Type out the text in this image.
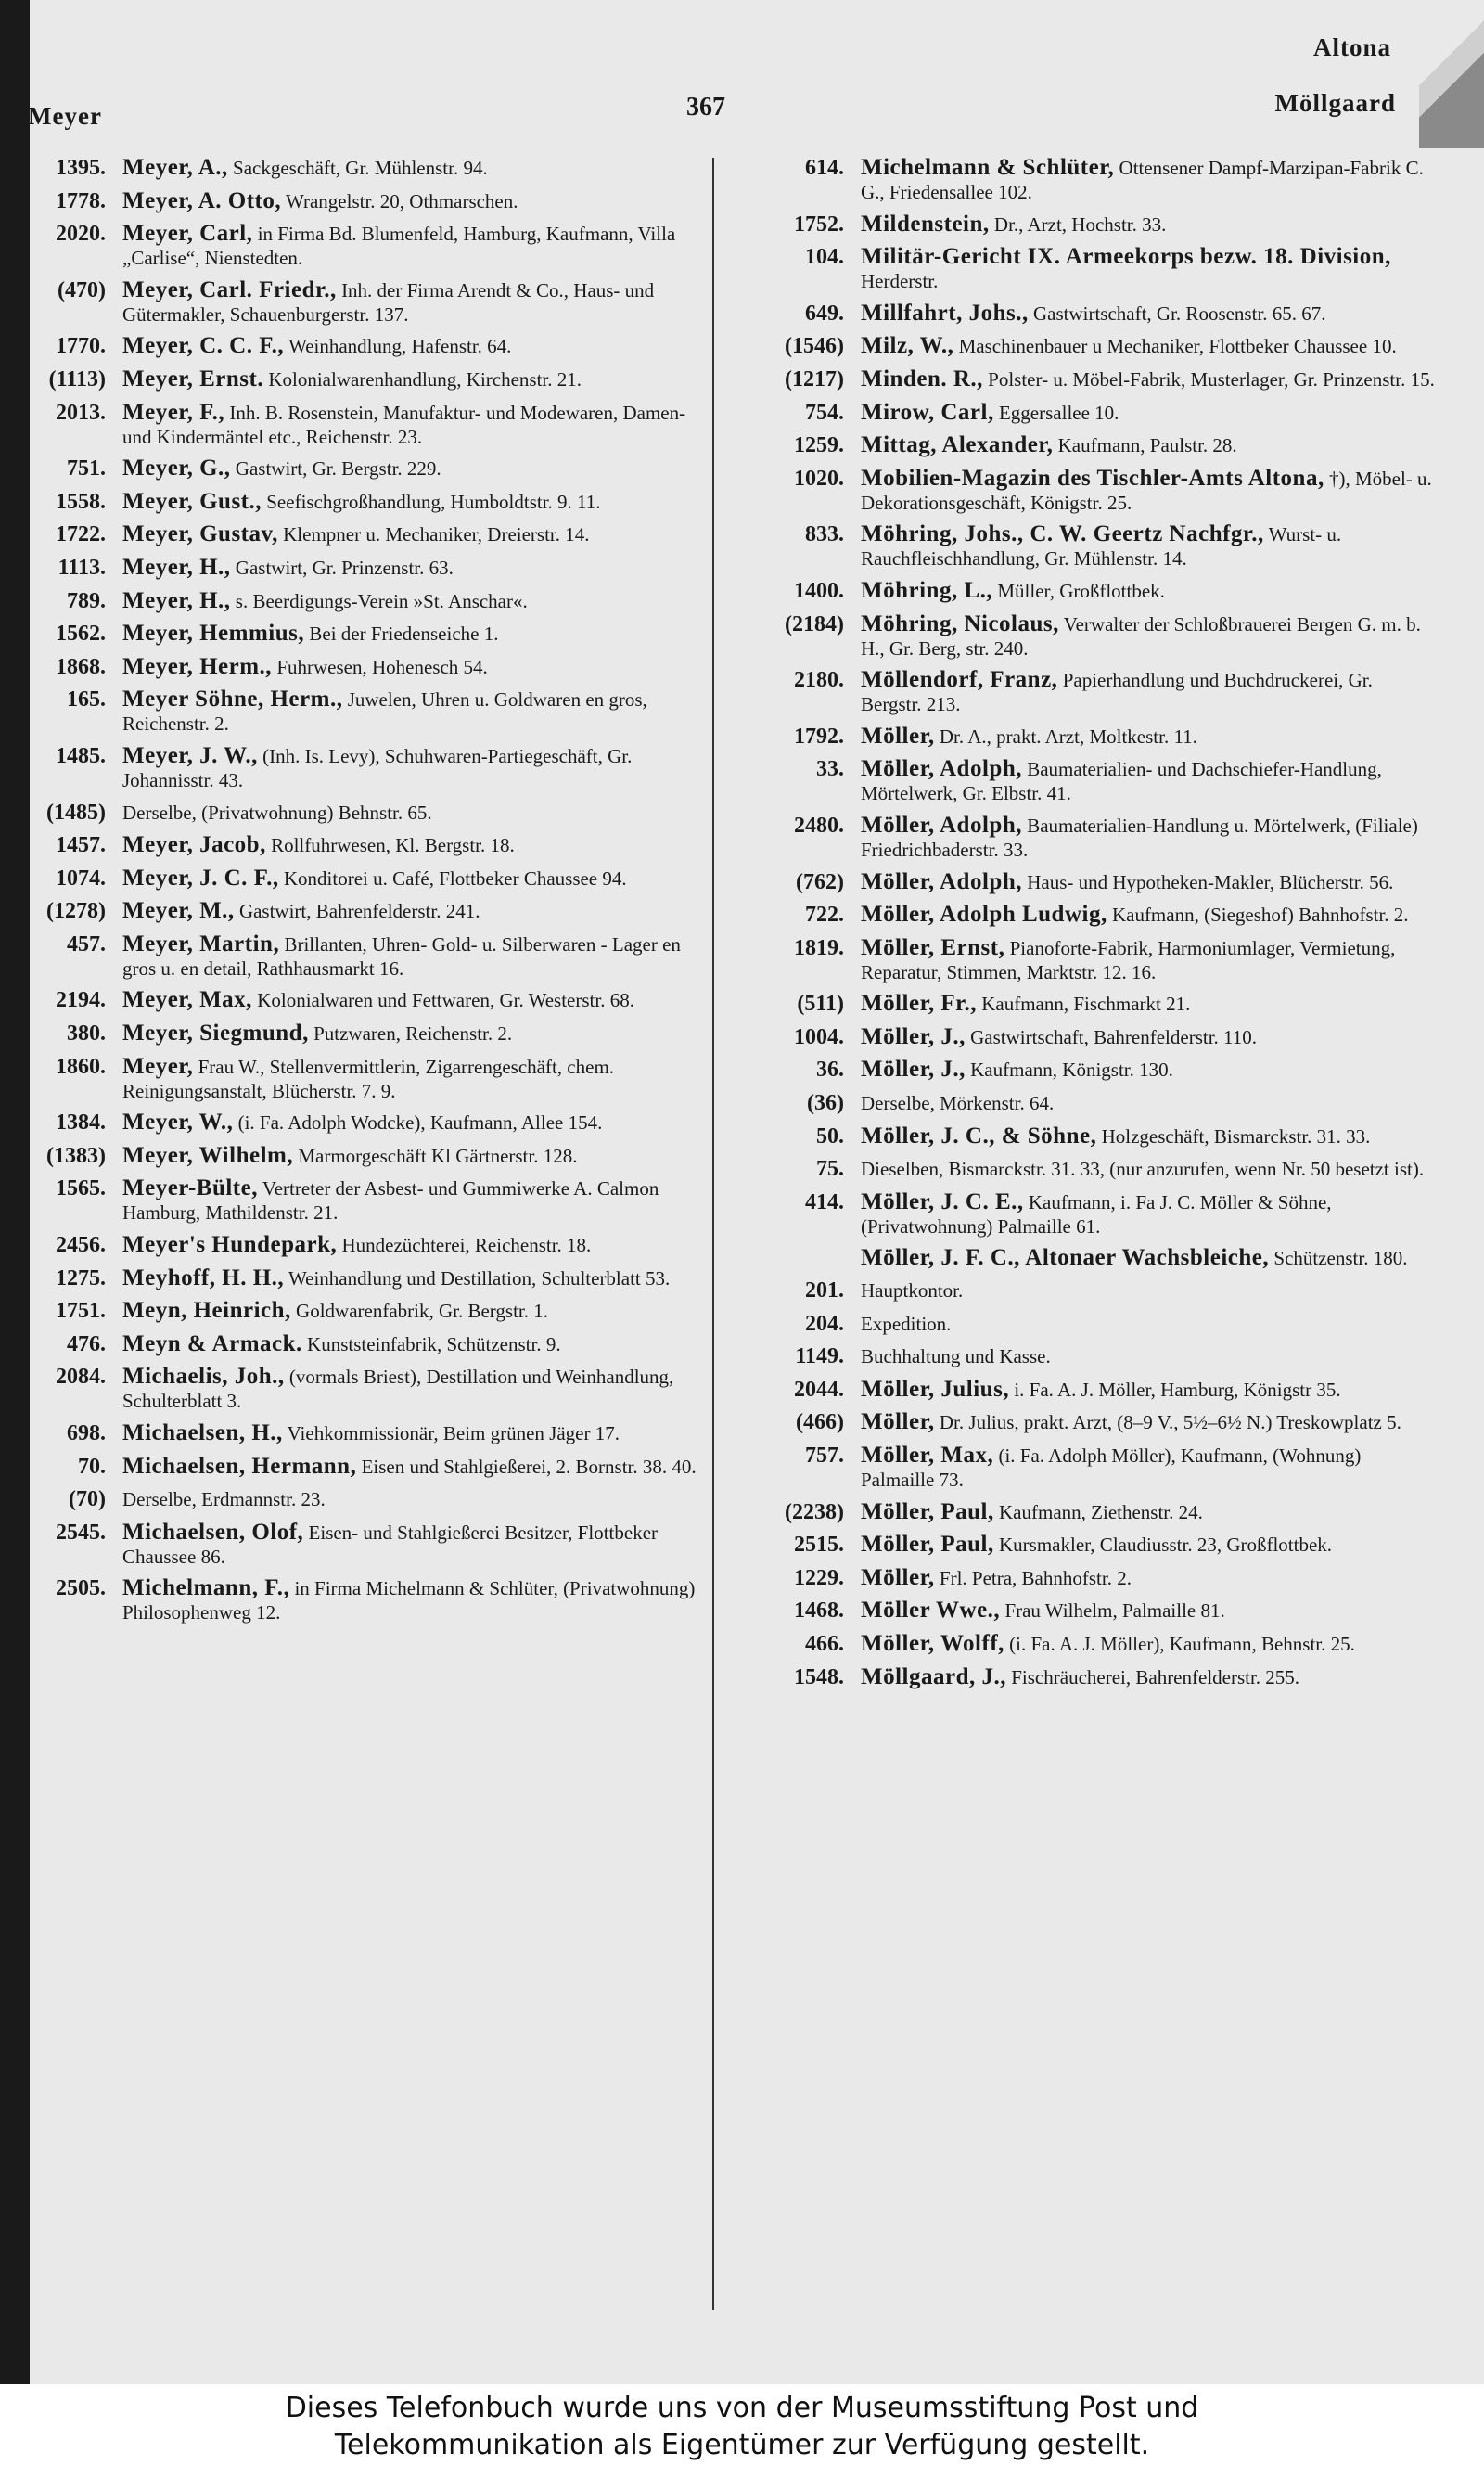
Meyer	367
Altona
Möllgaard
1395. Meyer, A., Sackgeschäft, Gr. Mühlenstr. 94.
1778. Meyer, A. Otto, Wrangelstr. 20, Othmarschen.
2020. Meyer, Carl, in Firma Bd. Blumenfeld, Hamburg, Kaufmann, Villa „Carlise“, Nienstedten.
(470) Meyer, Carl. Friedr., Inh. der Firma Arendt & Co., Haus- und Gütermakler, Schauenburgerstr. 137.
1770. Meyer, C. C. F., Weinhandlung, Hafenstr. 64.
(1113) Meyer, Ernst. Kolonialwarenhandlung, Kirchenstr. 21.
2013. Meyer, F., Inh. B. Rosenstein, Manufaktur- und Modewaren, Damen- und Kindermäntel etc., Reichenstr. 23.
751. Meyer, G., Gastwirt, Gr. Bergstr. 229.
1558. Meyer, Gust., Seefischgroßhandlung, Humboldtstr. 9. 11.
1722. Meyer, Gustav, Klempner u. Mechaniker, Dreierstr. 14.
1113. Meyer, H., Gastwirt, Gr. Prinzenstr. 63.
789. Meyer, H., s. Beerdigungs-Verein »St. Anschar«.
1562. Meyer, Hemmius, Bei der Friedenseiche 1.
1868. Meyer, Herm., Fuhrwesen, Hohenesch 54.
165. Meyer Söhne, Herm., Juwelen, Uhren u. Goldwaren en gros, Reichenstr. 2.
1485. Meyer, J. W., (Inh. Is. Levy), Schuhwaren-Partiegeschäft, Gr. Johannisstr. 43.
(1485) Derselbe, (Privatwohnung) Behnstr. 65.
1457. Meyer, Jacob, Rollfuhrwesen, Kl. Bergstr. 18.
1074. Meyer, J. C. F., Konditorei u. Café, Flottbeker Chaussee 94.
(1278) Meyer, M., Gastwirt, Bahrenfelderstr. 241.
457. Meyer, Martin, Brillanten, Uhren- Gold- u. Silberwaren - Lager en gros u. en detail, Rathhausmarkt 16.
2194. Meyer, Max, Kolonialwaren und Fettwaren, Gr. Westerstr. 68.
380. Meyer, Siegmund, Putzwaren, Reichenstr. 2.
1860. Meyer, Frau W., Stellenvermittlerin, Zigarrengeschäft, chem. Reinigungsanstalt, Blücherstr. 7. 9.
1384. Meyer, W., (i. Fa. Adolph Wodcke), Kaufmann, Allee 154.
(1383) Meyer, Wilhelm, Marmorgeschäft Kl Gärtnerstr. 128.
1565. Meyer-Bülte, Vertreter der Asbest- und Gummiwerke A. Calmon Hamburg, Mathildenstr. 21.
2456. Meyer's Hundepark, Hundezüchterei, Reichenstr. 18.
1275. Meyhoff, H. H., Weinhandlung und Destillation, Schulterblatt 53.
1751. Meyn, Heinrich, Goldwarenfabrik, Gr. Bergstr. 1.
476. Meyn & Armack. Kunststeinfabrik, Schützenstr. 9.
2084. Michaelis, Joh., (vormals Briest), Destillation und Weinhandlung, Schulterblatt 3.
698. Michaelsen, H., Viehkommissionär, Beim grünen Jäger 17.
70. Michaelsen, Hermann, Eisen und Stahlgießerei, 2. Bornstr. 38. 40.
(70) Derselbe, Erdmannstr. 23.
2545. Michaelsen, Olof, Eisen- und Stahlgießerei Besitzer, Flottbeker Chaussee 86.
2505. Michelmann, F., in Firma Michelmann & Schlüter, (Privatwohnung) Philosophenweg 12.
614. Michelmann & Schlüter, Ottensener Dampf-Marzipan-Fabrik C. G., Friedensallee 102.
1752. Mildenstein, Dr., Arzt, Hochstr. 33.
104. Militär-Gericht IX. Armeekorps bezw. 18. Division, Herderstr.
649. Millfahrt, Johs., Gastwirtschaft, Gr. Roosenstr. 65. 67.
(1546) Milz, W., Maschinenbauer u Mechaniker, Flottbeker Chaussee 10.
(1217) Minden. R., Polster- u. Möbel-Fabrik, Musterlager, Gr. Prinzenstr. 15.
754. Mirow, Carl, Eggersallee 10.
1259. Mittag, Alexander, Kaufmann, Paulstr. 28.
1020. Mobilien-Magazin des Tischler-Amts Altona, †), Möbel- u. Dekorationsgeschäft, Königstr. 25.
833. Möhring, Johs., C. W. Geertz Nachfgr., Wurst- u. Rauchfleischhandlung, Gr. Mühlenstr. 14.
1400. Möhring, L., Müller, Großflottbek.
(2184) Möhring, Nicolaus, Verwalter der Schloßbrauerei Bergen G. m. b. H., Gr. Berg, str. 240.
2180. Möllendorf, Franz, Papierhandlung und Buchdruckerei, Gr. Bergstr. 213.
1792. Möller, Dr. A., prakt. Arzt, Moltkestr. 11.
33. Möller, Adolph, Baumaterialien- und Dachschiefer-Handlung, Mörtelwerk, Gr. Elbstr. 41.
2480. Möller, Adolph, Baumaterialien-Handlung u. Mörtelwerk, (Filiale) Friedrichbaderstr. 33.
(762) Möller, Adolph, Haus- und Hypotheken-Makler, Blücherstr. 56.
722. Möller, Adolph Ludwig, Kaufmann, (Siegeshof) Bahnhofstr. 2.
1819. Möller, Ernst, Pianoforte-Fabrik, Harmoniumlager, Vermietung, Reparatur, Stimmen, Marktstr. 12. 16.
(511) Möller, Fr., Kaufmann, Fischmarkt 21.
1004. Möller, J., Gastwirtschaft, Bahrenfelderstr. 110.
36. Möller, J., Kaufmann, Königstr. 130.
(36) Derselbe, Mörkenstr. 64.
50. Möller, J. C., & Söhne, Holzgeschäft, Bismarckstr. 31. 33.
75. Dieselben, Bismarckstr. 31. 33, (nur anzurufen, wenn Nr. 50 besetzt ist).
414. Möller, J. C. E., Kaufmann, i. Fa J. C. Möller & Söhne, (Privatwohnung) Palmaille 61.
Möller, J. F. C., Altonaer Wachsbleiche, Schützenstr. 180.
201. Hauptkontor.
204. Expedition.
1149. Buchhaltung und Kasse.
2044. Möller, Julius, i. Fa. A. J. Möller, Hamburg, Königstr 35.
(466) Möller, Dr. Julius, prakt. Arzt, (8–9 V., 5½–6½ N.) Treskowplatz 5.
757. Möller, Max, (i. Fa. Adolph Möller), Kaufmann, (Wohnung) Palmaille 73.
(2238) Möller, Paul, Kaufmann, Ziethenstr. 24.
2515. Möller, Paul, Kursmakler, Claudiusstr. 23, Großflottbek.
1229. Möller, Frl. Petra, Bahnhofstr. 2.
1468. Möller Wwe., Frau Wilhelm, Palmaille 81.
466. Möller, Wolff, (i. Fa. A. J. Möller), Kaufmann, Behnstr. 25.
1548. Möllgaard, J., Fischräucherei, Bahrenfelderstr. 255.
Dieses Telefonbuch wurde uns von der Museumsstiftung Post und
Telekommunikation als Eigentümer zur Verfügung gestellt.
